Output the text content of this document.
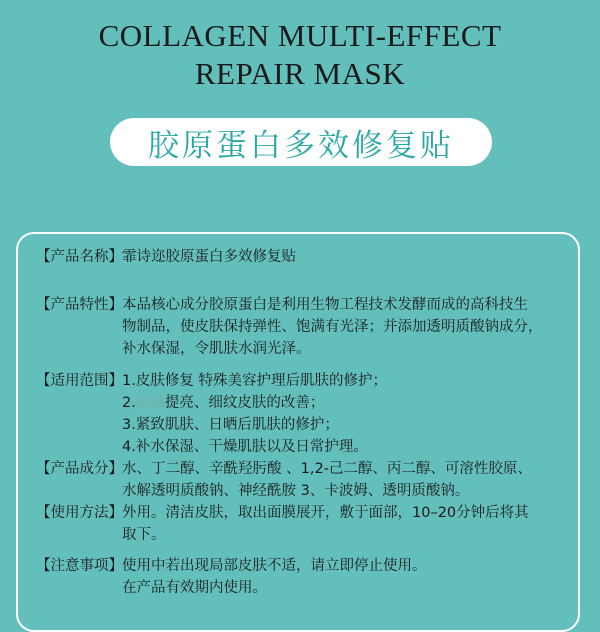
COLLAGEN MULTI-EFFECT
REPAIR MASK
胶原蛋白多效修复贴
【产品名称】 霏诗迩胶原蛋白多效修复贴
【产品特性】 本品核心成分胶原蛋白是利用生物工程技术发酵而成的高科技生
物制品，使皮肤保持弹性、饱满有光泽；并添加透明质酸钠成分，
补水保湿，令肌肤水润光泽。
【适用范围】 1.皮肤修复 特殊美容护理后肌肤的修护；
2.肤质提亮、细纹皮肤的改善；
3.紧致肌肤、日晒后肌肤的修护；
4.补水保湿、干燥肌肤以及日常护理。
【产品成分】 水、丁二醇、辛酰羟肟酸 、1,2-己二醇、丙二醇、可溶性胶原、
水解透明质酸钠、神经酰胺 3、卡波姆、透明质酸钠。
【使用方法】 外用。清洁皮肤，取出面膜展开，敷于面部，10–20分钟后将其
取下。
【注意事项】 使用中若出现局部皮肤不适，请立即停止使用。
在产品有效期内使用。
